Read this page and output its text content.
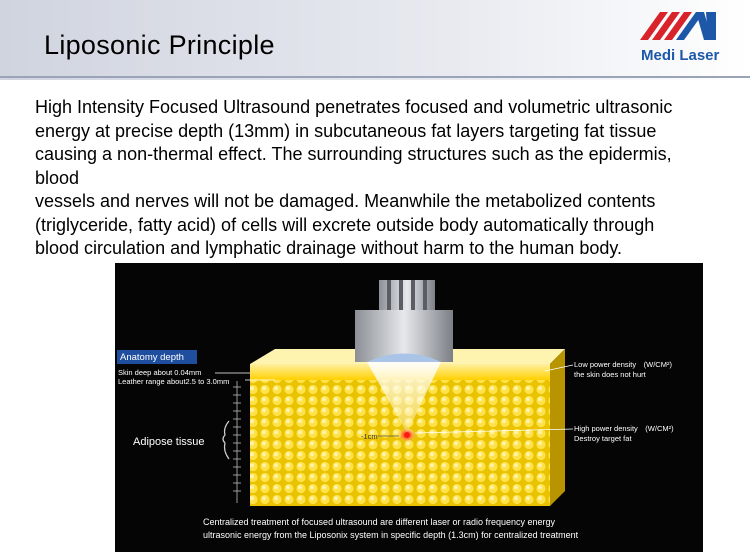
Liposonic Principle	Medi Laser

High Intensity Focused Ultrasound penetrates focused and volumetric ultrasonic

energy at precise depth (13mm) in subcutaneous fat layers targeting fat tissue

causing a non-thermal effect. The surrounding structures such as the epidermis,

blood

vessels and nerves will not be damaged. Meanwhile the metabolized contents

(triglyceride, fatty acid) of cells will excrete outside body automatically through

blood circulation and lymphatic drainage without harm to the human body.

-1cm
Anatomy depth
Skin deep about 0.04mm
Leather range about2.5 to 3.0mm
Adipose tissue
Low power density　(W/CM²)
the skin does not hurt
High power density　(W/CM²)
Destroy target fat
Centralized treatment of focused ultrasound are different laser or radio frequency energy
ultrasonic energy from the Liposonix system in specific depth (1.3cm) for centralized treatment
